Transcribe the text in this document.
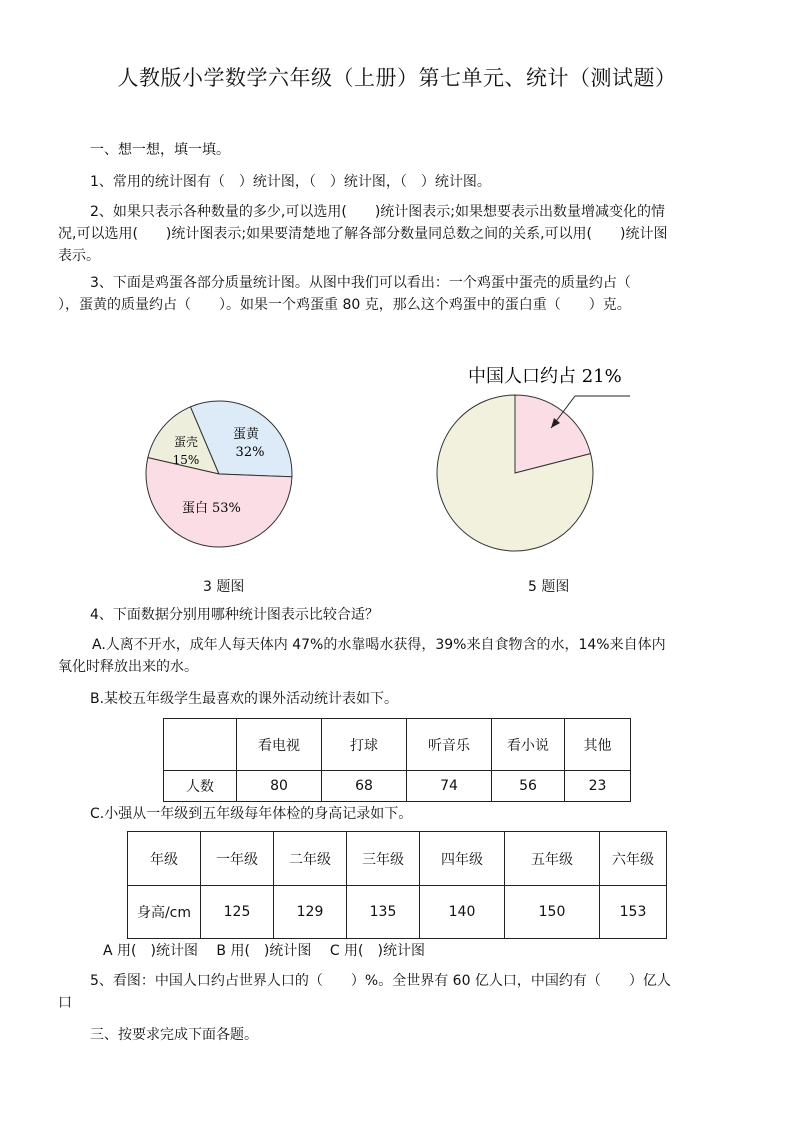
人教版小学数学六年级（上册）第七单元、统计（测试题）
一、想一想，填一填。
1、常用的统计图有（　）统计图，（　）统计图，（　）统计图。
2、如果只表示各种数量的多少,可以选用(　　)统计图表示;如果想要表示出数量增减变化的情
况,可以选用(　　)统计图表示;如果要清楚地了解各部分数量同总数之间的关系,可以用(　　)统计图
表示。
3、下面是鸡蛋各部分质量统计图。从图中我们可以看出：一个鸡蛋中蛋壳的质量约占（
），蛋黄的质量约占（　　）。如果一个鸡蛋重 80 克，那么这个鸡蛋中的蛋白重（　　）克。
蛋壳
15%
蛋黄
32%
蛋白 53%
3 题图
中国人口约占 21%
5 题图
4、下面数据分别用哪种统计图表示比较合适？
A.人离不开水，成年人每天体内 47%的水靠喝水获得，39%来自食物含的水，14%来自体内
氧化时释放出来的水。
B.某校五年级学生最喜欢的课外活动统计表如下。
	看电视	打球	听音乐	看小说	其他
人数	80	68	74	56	23
C.小强从一年级到五年级每年体检的身高记录如下。
年级	一年级	二年级	三年级	四年级	五年级	六年级
身高/cm	125	129	135	140	150	153
A 用(　)统计图　 B 用(　)统计图　 C 用(　)统计图
5、看图：中国人口约占世界人口的（　　）%。全世界有 60 亿人口，中国约有（　　）亿人
口
三、按要求完成下面各题。
